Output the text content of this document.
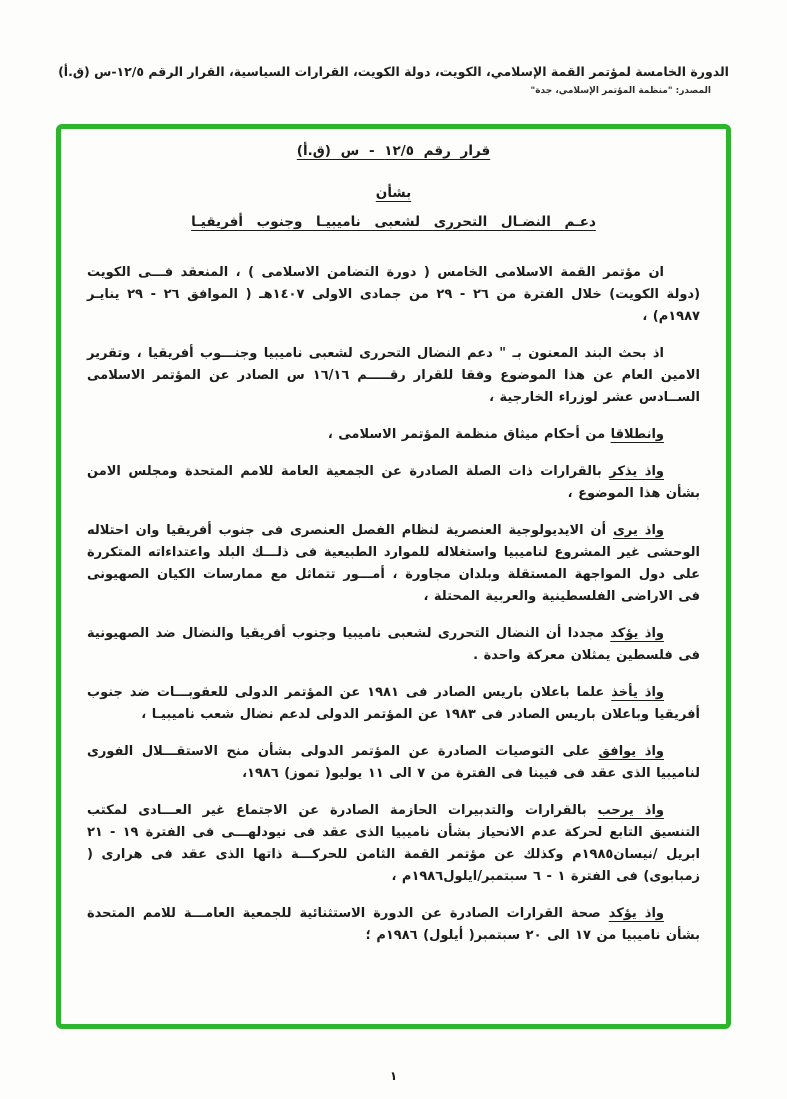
الدورة الخامسة لمؤتمر القمة الإسلامي، الكويت، دولة الكويت، القرارات السياسية، القرار الرقم ١٢/٥-س (ق.أ)
المصدر: "منظمة المؤتمر الإسلامي، جدة"
قرار رقم ١٢/٥ - س (ق.أ)
بشأن
دعـم النضـال التحررى لشعبى ناميبيـا وجنوب أفريقيـا

ان مؤتمر القمة الاسلامى الخامس ( دورة التضامن الاسلامى ) ، المنعقد فـــى الكويت (دولة الكويت) خلال الفترة من ٢٦ - ٢٩ من جمادى الاولى ١٤٠٧هـ ( الموافق ٢٦ - ٢٩ ينايـر ١٩٨٧م) ،

اذ بحث البند المعنون بـ " دعم النضال التحررى لشعبى ناميبيا وجنـــوب أفريقيا ، وتقرير الامين العام عن هذا الموضوع وفقا للقرار رقـــــم ١٦/١٦ س الصادر عن المؤتمر الاسلامى الســادس عشر لوزراء الخارجية ،

وانطلاقا من أحكام ميثاق منظمة المؤتمر الاسلامى ،

واذ يذكر بالقرارات ذات الصلة الصادرة عن الجمعية العامة للامم المتحدة ومجلس الامن بشأن هذا الموضوع ،

واذ يرى أن الايديولوجية العنصرية لنظام الفصل العنصرى فى جنوب أفريقيا وان احتلاله الوحشى غير المشروع لناميبيا واستغلاله للموارد الطبيعية فى ذلـــك البلد واعتداءاته المتكررة على دول المواجهة المستقلة وبلدان مجاورة ، أمـــور تتماثل مع ممارسات الكيان الصهيونى فى الاراضى الفلسطينية والعربية المحتلة ،

واذ يؤكد مجددا أن النضال التحررى لشعبى ناميبيا وجنوب أفريقيا والنضال ضد الصهيونية فى فلسطين يمثلان معركة واحدة .

واذ يأخذ علما باعلان باريس الصادر فى ١٩٨١ عن المؤتمر الدولى للعقوبـــات ضد جنوب أفريقيا وباعلان باريس الصادر فى ١٩٨٣ عن المؤتمر الدولى لدعم نضال شعب ناميبيـا ،

واذ يوافق على التوصيات الصادرة عن المؤتمر الدولى بشأن منح الاستقـــلال الفورى لناميبيا الذى عقد فى فيينا فى الفترة من ٧ الى ١١ يوليو( تموز) ١٩٨٦،

واذ يرحب بالقرارات والتدبيرات الحازمة الصادرة عن الاجتماع غير العـــادى لمكتب التنسيق التابع لحركة عدم الانحياز بشأن ناميبيا الذى عقد فى نيودلهـــى فى الفترة ١٩ - ٢١ ابريل /نيسان١٩٨٥م وكذلك عن مؤتمر القمة الثامن للحركـــة ذاتها الذى عقد فى هرارى ( زمبابوى) فى الفترة ١ - ٦ سبتمبر/ايلول١٩٨٦م ،

واذ يؤكد صحة القرارات الصادرة عن الدورة الاستثنائية للجمعية العامـــة للامم المتحدة بشأن ناميبيا من ١٧ الى ٢٠ سبتمبر( أيلول) ١٩٨٦م ؛

١
